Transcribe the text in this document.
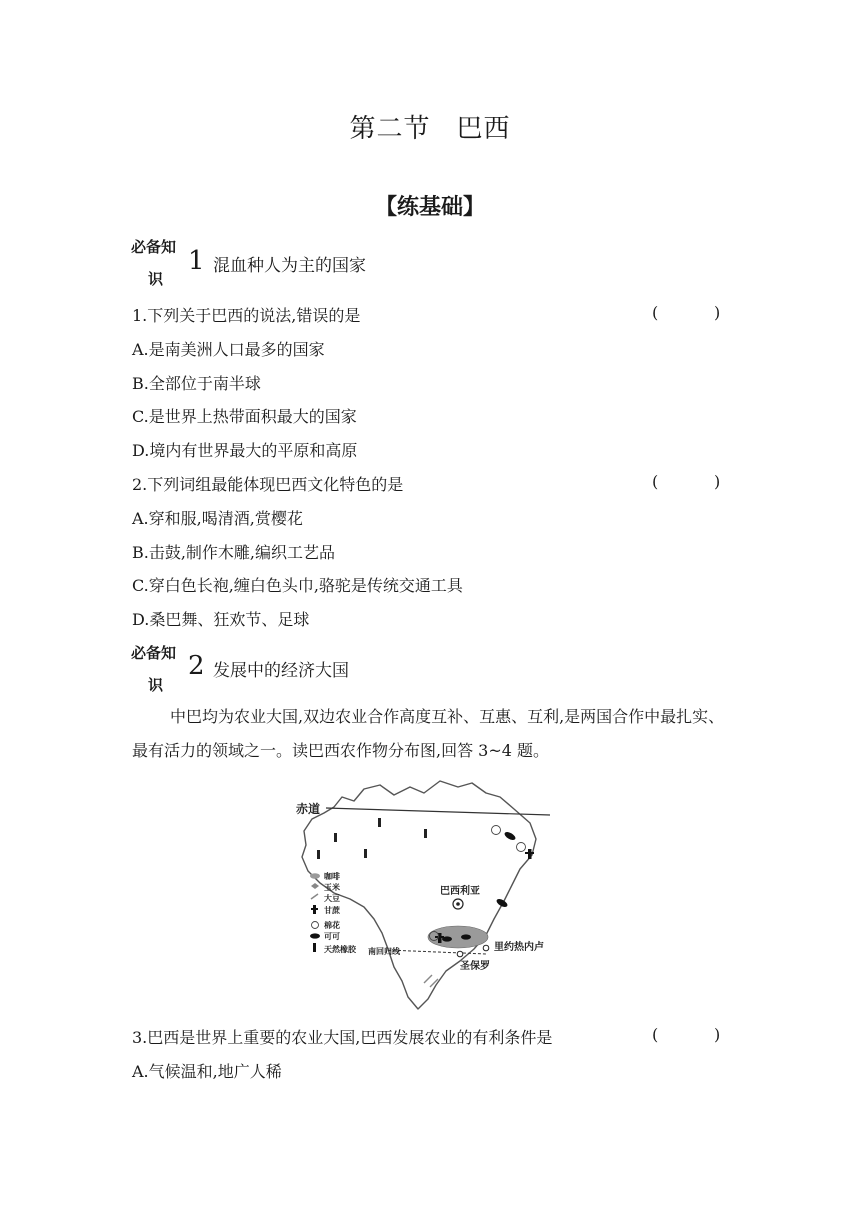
第二节 巴西
【练基础】
必备知
识
1 混血种人为主的国家
1.下列关于巴西的说法,错误的是	(	)
A.是南美洲人口最多的国家
B.全部位于南半球
C.是世界上热带面积最大的国家
D.境内有世界最大的平原和高原
2.下列词组最能体现巴西文化特色的是	(	)
A.穿和服,喝清酒,赏樱花
B.击鼓,制作木雕,编织工艺品
C.穿白色长袍,缠白色头巾,骆驼是传统交通工具
D.桑巴舞、狂欢节、足球
必备知
识
2 发展中的经济大国
中巴均为农业大国,双边农业合作高度互补、互惠、互利,是两国合作中最扎实、最有活力的领域之一。读巴西农作物分布图,回答 3~4 题。
赤道
巴西利亚
南回归线	里约热内卢
圣保罗
咖啡
玉米
大豆
甘蔗
棉花
可可
天然橡胶
3.巴西是世界上重要的农业大国,巴西发展农业的有利条件是	(	)
A.气候温和,地广人稀
